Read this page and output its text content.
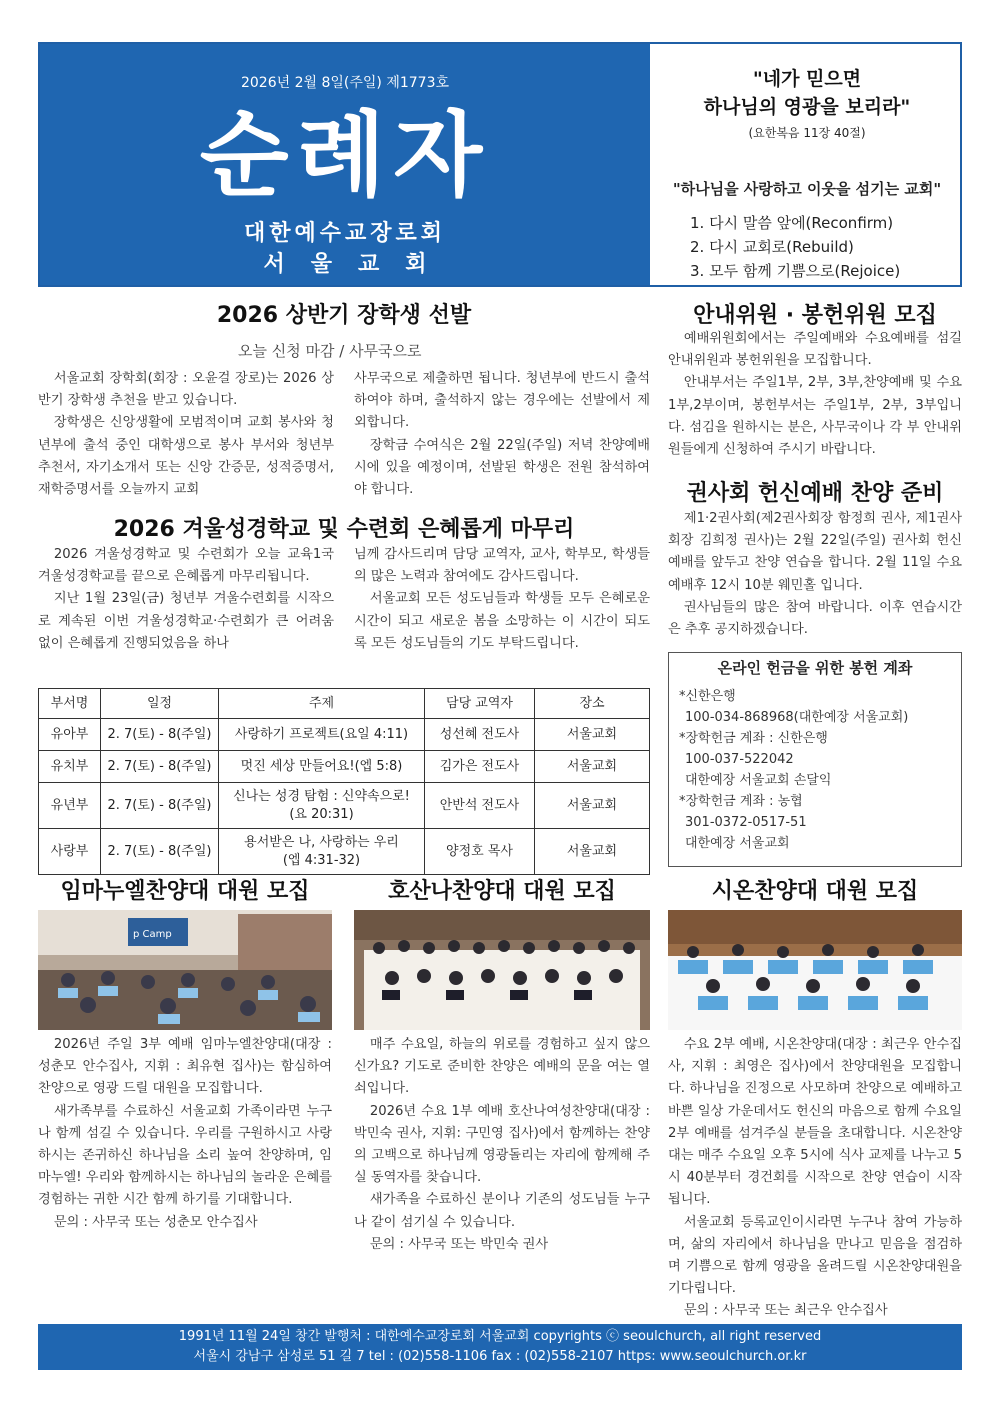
2026년 2월 8일(주일) 제1773호
순례자
대한예수교장로회
서울교회
"네가 믿으면
하나님의 영광을 보리라"
(요한복음 11장 40절)
"하나님을 사랑하고 이웃을 섬기는 교회"
1. 다시 말씀 앞에(Reconfirm)
2. 다시 교회로(Rebuild)
3. 모두 함께 기쁨으로(Rejoice)
2026 상반기 장학생 선발
오늘 신청 마감 / 사무국으로

서울교회 장학회(회장 : 오윤걸 장로)는 2026 상반기 장학생 추천을 받고 있습니다.

장학생은 신앙생활에 모범적이며 교회 봉사와 청년부에 출석 중인 대학생으로 봉사 부서와 청년부 추천서, 자기소개서 또는 신앙 간증문, 성적증명서, 재학증명서를 오늘까지 교회

사무국으로 제출하면 됩니다. 청년부에 반드시 출석하여야 하며, 출석하지 않는 경우에는 선발에서 제외합니다.

장학금 수여식은 2월 22일(주일) 저녁 찬양예배 시에 있을 예정이며, 선발된 학생은 전원 참석하여야 합니다.

2026 겨울성경학교 및 수련회 은혜롭게 마무리

2026 겨울성경학교 및 수련회가 오늘 교육1국 겨울성경학교를 끝으로 은혜롭게 마무리됩니다.

지난 1월 23일(금) 청년부 겨울수련회를 시작으로 계속된 이번 겨울성경학교·수련회가 큰 어려움 없이 은혜롭게 진행되었음을 하나

님께 감사드리며 담당 교역자, 교사, 학부모, 학생들의 많은 노력과 참여에도 감사드립니다.

서울교회 모든 성도님들과 학생들 모두 은혜로운 시간이 되고 새로운 봄을 소망하는 이 시간이 되도록 모든 성도님들의 기도 부탁드립니다.

부서명	일정	주제	담당 교역자	장소
유아부	2. 7(토) - 8(주일)	사랑하기 프로젝트(요일 4:11)	성선혜 전도사	서울교회
유치부	2. 7(토) - 8(주일)	멋진 세상 만들어요!(엡 5:8)	김가은 전도사	서울교회
유년부	2. 7(토) - 8(주일)	신나는 성경 탐험 : 신약속으로!
(요 20:31)	안반석 전도사	서울교회
사랑부	2. 7(토) - 8(주일)	용서받은 나, 사랑하는 우리
(엡 4:31-32)	양정호 목사	서울교회
안내위원 · 봉헌위원 모집

예배위원회에서는 주일예배와 수요예배를 섬길 안내위원과 봉헌위원을 모집합니다.

안내부서는 주일1부, 2부, 3부,찬양예배 및 수요1부,2부이며, 봉헌부서는 주일1부, 2부, 3부입니다. 섬김을 원하시는 분은, 사무국이나 각 부 안내위원들에게 신청하여 주시기 바랍니다.

권사회 헌신예배 찬양 준비

제1·2권사회(제2권사회장 함정희 권사, 제1권사회장 김희정 권사)는 2월 22일(주일) 권사회 헌신예배를 앞두고 찬양 연습을 합니다. 2월 11일 수요예배후 12시 10분 웨민홀 입니다.

권사님들의 많은 참여 바랍니다. 이후 연습시간은 추후 공지하겠습니다.

온라인 헌금을 위한 봉헌 계좌
*신한은행
100-034-868968(대한예장 서울교회)
*장학헌금 계좌 : 신한은행
100-037-522042
대한예장 서울교회 손달익
*장학헌금 계좌 : 농협
301-0372-0517-51
대한예장 서울교회
임마누엘찬양대 대원 모집
p Camp

2026년 주일 3부 예배 임마누엘찬양대(대장 : 성춘모 안수집사, 지휘 : 최유현 집사)는 함심하여 찬양으로 영광 드릴 대원을 모집합니다.

새가족부를 수료하신 서울교회 가족이라면 누구나 함께 섬길 수 있습니다. 우리를 구원하시고 사랑하시는 존귀하신 하나님을 소리 높여 찬양하며, 임마누엘! 우리와 함께하시는 하나님의 놀라운 은혜를 경험하는 귀한 시간 함께 하기를 기대합니다.

문의 : 사무국 또는 성춘모 안수집사

호산나찬양대 대원 모집

매주 수요일, 하늘의 위로를 경험하고 싶지 않으신가요? 기도로 준비한 찬양은 예배의 문을 여는 열쇠입니다.

2026년 수요 1부 예배 호산나여성찬양대(대장 : 박민숙 권사, 지휘: 구민영 집사)에서 함께하는 찬양의 고백으로 하나님께 영광돌리는 자리에 함께해 주실 동역자를 찾습니다.

새가족을 수료하신 분이나 기존의 성도님들 누구나 같이 섬기실 수 있습니다.

문의 : 사무국 또는 박민숙 권사

시온찬양대 대원 모집

수요 2부 예배, 시온찬양대(대장 : 최근우 안수집사, 지휘 : 최영은 집사)에서 찬양대원을 모집합니다. 하나님을 진정으로 사모하며 찬양으로 예배하고 바쁜 일상 가운데서도 헌신의 마음으로 함께 수요일 2부 예배를 섬겨주실 분들을 초대합니다. 시온찬양대는 매주 수요일 오후 5시에 식사 교제를 나누고 5시 40분부터 경건회를 시작으로 찬양 연습이 시작됩니다.

서울교회 등록교인이시라면 누구나 참여 가능하며, 삶의 자리에서 하나님을 만나고 믿음을 점검하며 기쁨으로 함께 영광을 올려드릴 시온찬양대원을 기다립니다.

문의 : 사무국 또는 최근우 안수집사

1991년 11월 24일 창간 발행처 : 대한예수교장로회 서울교회 copyrights ⓒ seoulchurch, all right reserved
서울시 강남구 삼성로 51 길 7 tel : (02)558-1106 fax : (02)558-2107 https: www.seoulchurch.or.kr
